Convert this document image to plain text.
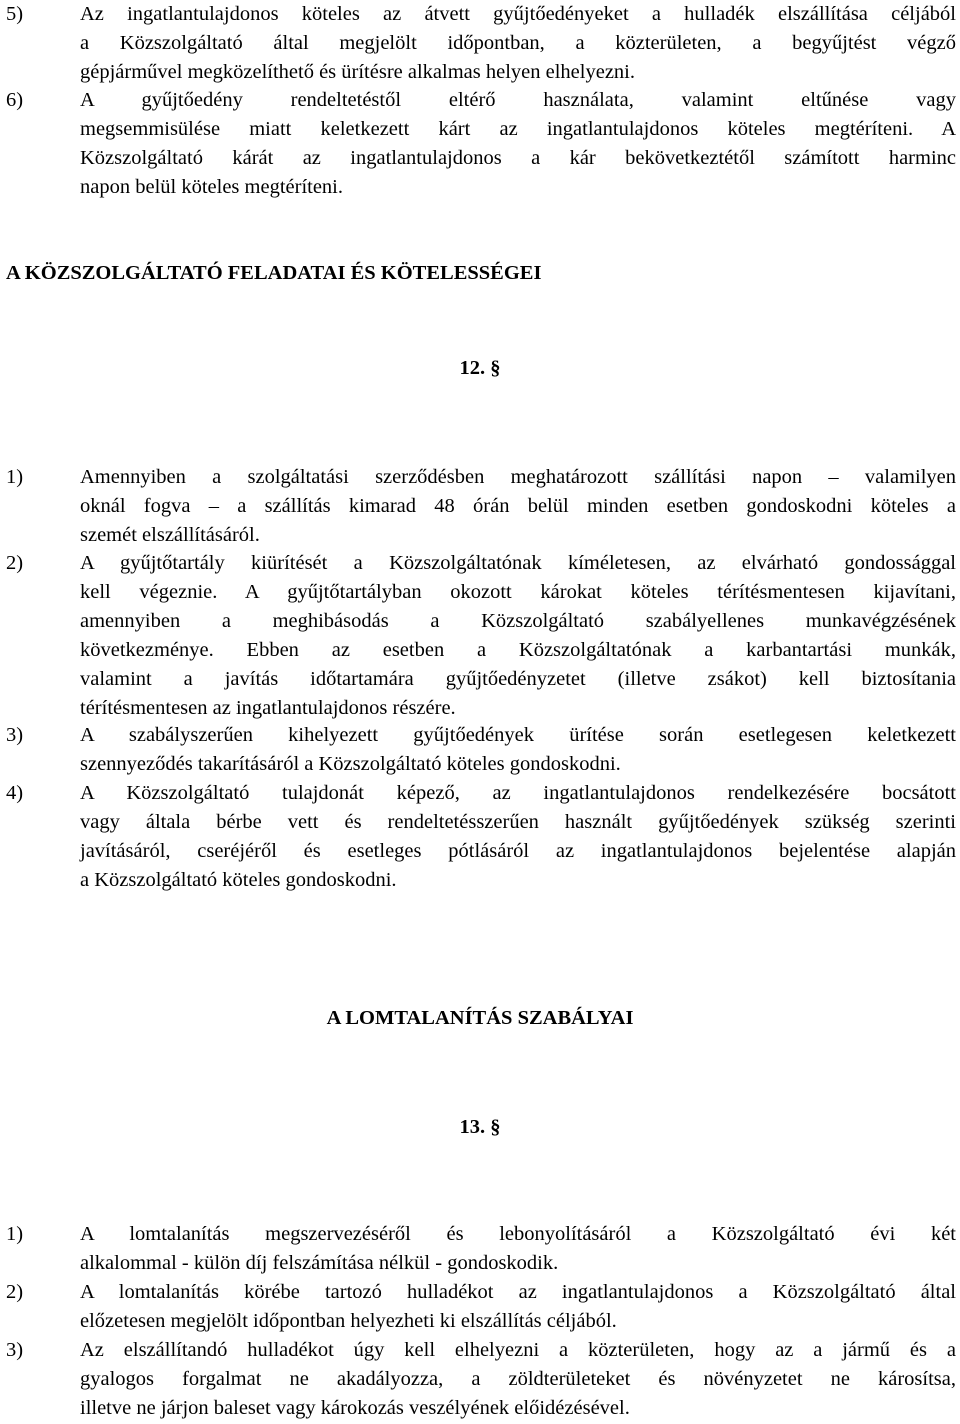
5)	Az ingatlantulajdonos köteles az átvett gyűjtőedényeket a hulladék elszállítása céljából
a Közszolgáltató által megjelölt időpontban, a közterületen, a begyűjtést végző
gépjárművel megközelíthető és ürítésre alkalmas helyen elhelyezni.
6)	A gyűjtőedény rendeltetéstől eltérő használata, valamint eltűnése vagy
megsemmisülése miatt keletkezett kárt az ingatlantulajdonos köteles megtéríteni. A
Közszolgáltató kárát az ingatlantulajdonos a kár bekövetkeztétől számított harminc
napon belül köteles megtéríteni.
A KÖZSZOLGÁLTATÓ FELADATAI ÉS KÖTELESSÉGEI
12. §
1)	Amennyiben a szolgáltatási szerződésben meghatározott szállítási napon – valamilyen
oknál fogva – a szállítás kimarad 48 órán belül minden esetben gondoskodni köteles a
szemét elszállításáról.
2)	A gyűjtőtartály kiürítését a Közszolgáltatónak kíméletesen, az elvárható gondossággal
kell végeznie. A gyűjtőtartályban okozott károkat köteles térítésmentesen kijavítani,
amennyiben a meghibásodás a Közszolgáltató szabályellenes munkavégzésének
következménye. Ebben az esetben a Közszolgáltatónak a karbantartási munkák,
valamint a javítás időtartamára gyűjtőedényzetet (illetve zsákot) kell biztosítania
térítésmentesen az ingatlantulajdonos részére.
3)	A szabályszerűen kihelyezett gyűjtőedények ürítése során esetlegesen keletkezett
szennyeződés takarításáról a Közszolgáltató köteles gondoskodni.
4)	A Közszolgáltató tulajdonát képező, az ingatlantulajdonos rendelkezésére bocsátott
vagy általa bérbe vett és rendeltetésszerűen használt gyűjtőedények szükség szerinti
javításáról, cseréjéről és esetleges pótlásáról az ingatlantulajdonos bejelentése alapján
a Közszolgáltató köteles gondoskodni.
A LOMTALANÍTÁS SZABÁLYAI
13. §
1)	A lomtalanítás megszervezéséről és lebonyolításáról a Közszolgáltató évi két
alkalommal - külön díj felszámítása nélkül - gondoskodik.
2)	A lomtalanítás körébe tartozó hulladékot az ingatlantulajdonos a Közszolgáltató által
előzetesen megjelölt időpontban helyezheti ki elszállítás céljából.
3)	Az elszállítandó hulladékot úgy kell elhelyezni a közterületen, hogy az a jármű és a
gyalogos forgalmat ne akadályozza, a zöldterületeket és növényzetet ne károsítsa,
illetve ne járjon baleset vagy károkozás veszélyének előidézésével.
